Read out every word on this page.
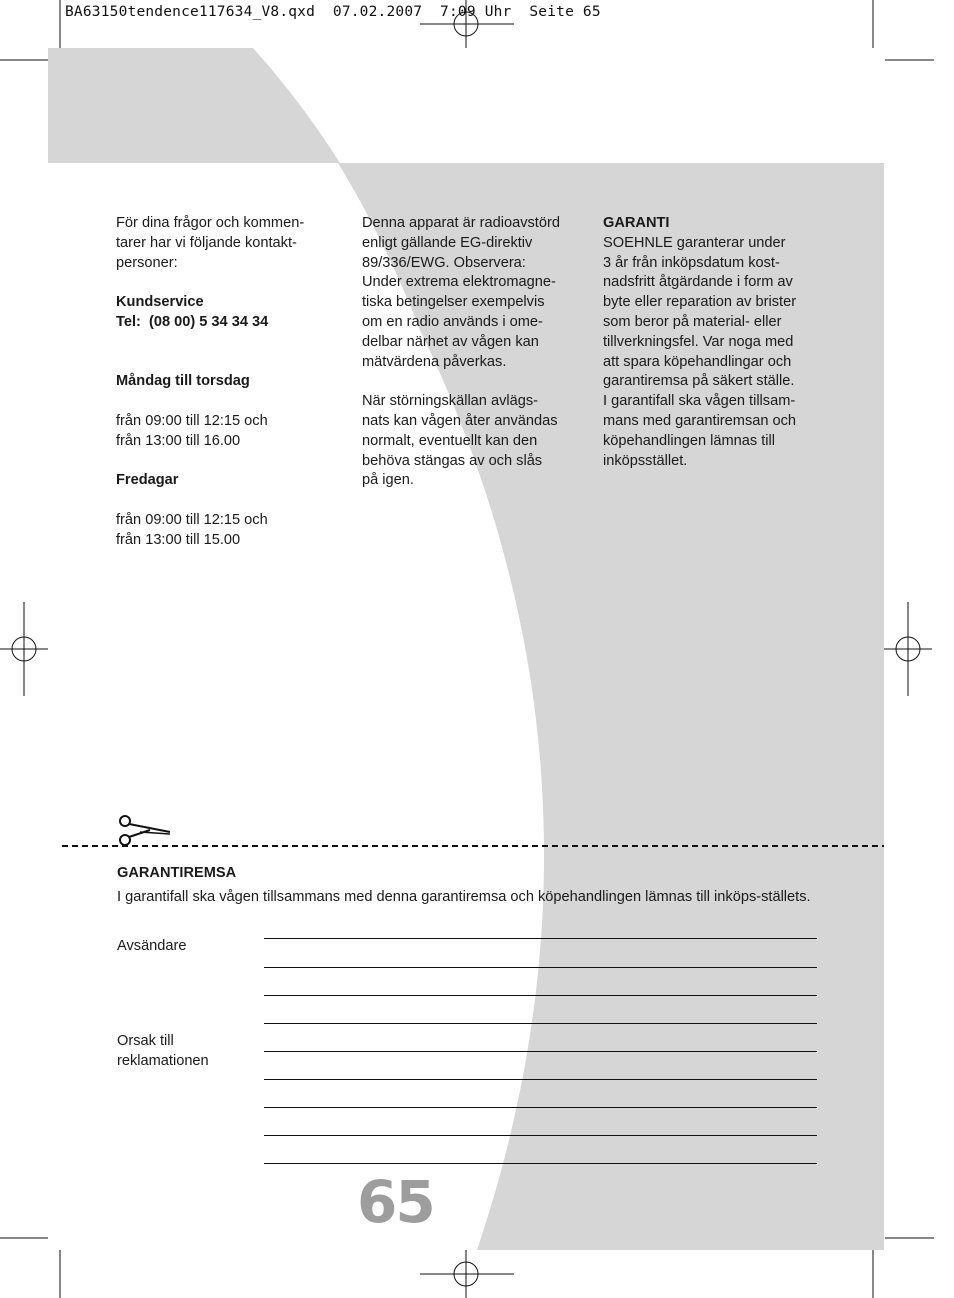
BA63150tendence117634_V8.qxd  07.02.2007  7:09 Uhr  Seite 65
För dina frågor och kommen-
tarer har vi följande kontakt-
personer:
Kundservice
Tel:  (08 00) 5 34 34 34
Måndag till torsdag
från 09:00 till 12:15 och
från 13:00 till 16.00
Fredagar
från 09:00 till 12:15 och
från 13:00 till 15.00
Denna apparat är radioavstörd
enligt gällande EG-direktiv
89/336/EWG. Observera:
Under extrema elektromagne-
tiska betingelser exempelvis
om en radio används i ome-
delbar närhet av vågen kan
mätvärdena påverkas.
När störningskällan avlägs-
nats kan vågen åter användas
normalt, eventuellt kan den
behöva stängas av och slås
på igen.
GARANTI
SOEHNLE garanterar under
3 år från inköpsdatum kost-
nadsfritt åtgärdande i form av
byte eller reparation av brister
som beror på material- eller
tillverkningsfel. Var noga med
att spara köpehandlingar och
garantiremsa på säkert ställe.
I garantifall ska vågen tillsam-
mans med garantiremsan och
köpehandlingen lämnas till
inköpsstället.
GARANTIREMSA
I garantifall ska vågen tillsammans med denna garantiremsa och köpehandlingen lämnas till inköps-ställets.
Avsändare
Orsak till reklamationen
65
